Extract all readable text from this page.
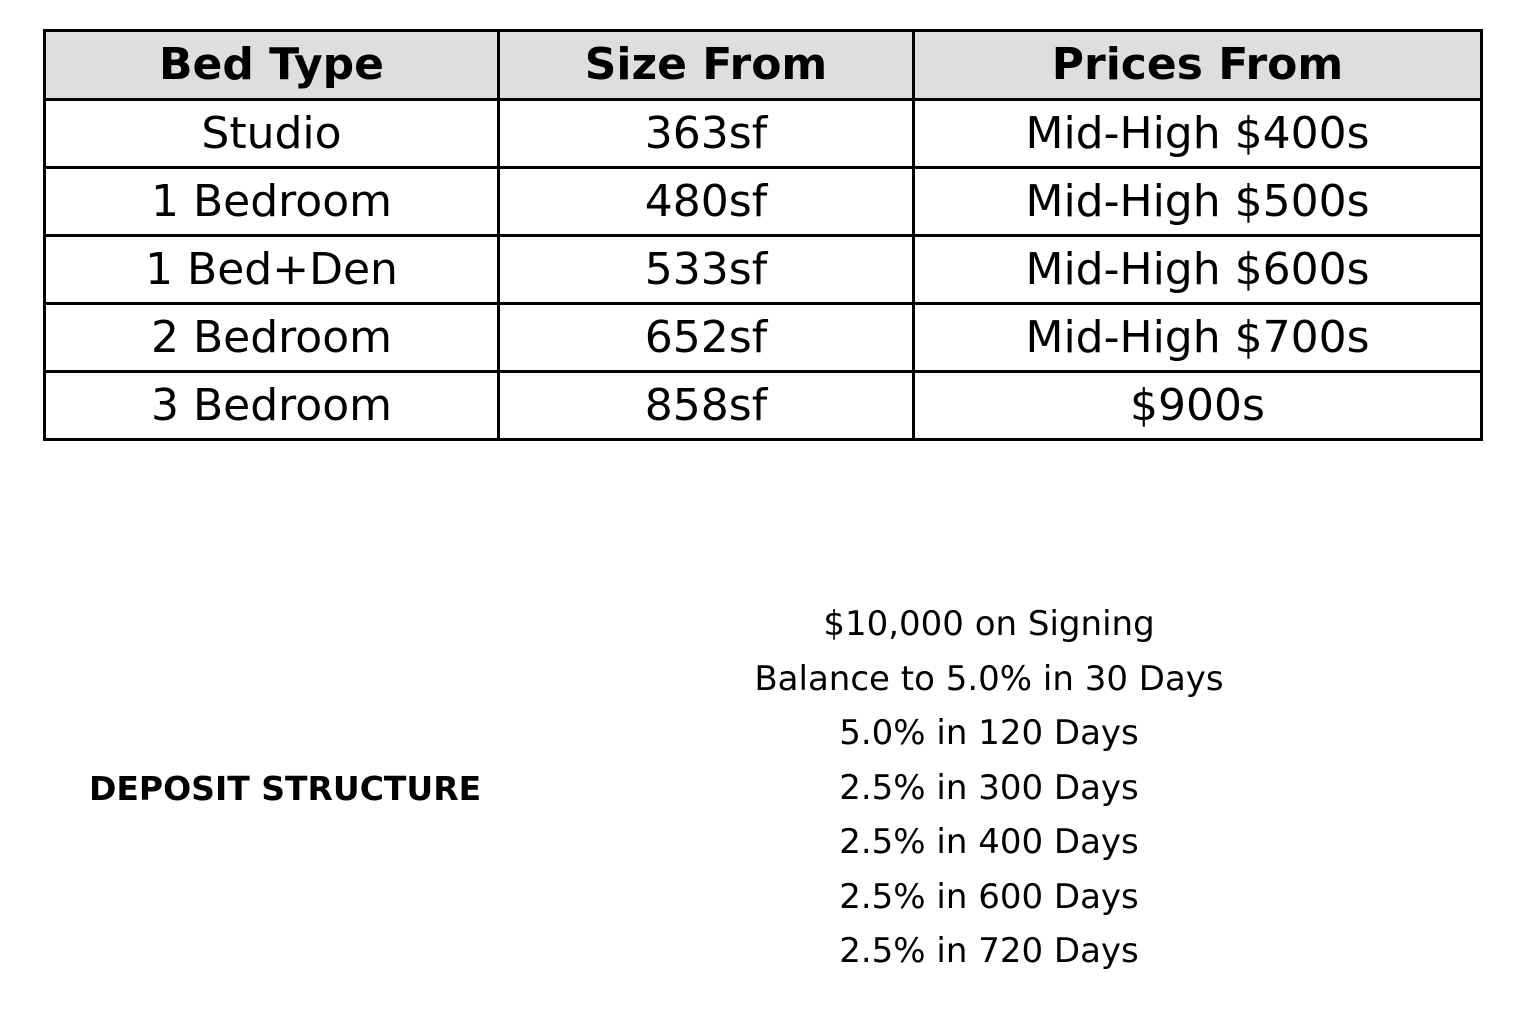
Bed Type	Size From	Prices From
Studio	363sf	Mid-High $400s
1 Bedroom	480sf	Mid-High $500s
1 Bed+Den	533sf	Mid-High $600s
2 Bedroom	652sf	Mid-High $700s
3 Bedroom	858sf	$900s

DEPOSIT STRUCTURE

$10,000 on Signing
Balance to 5.0% in 30 Days
5.0% in 120 Days
2.5% in 300 Days
2.5% in 400 Days
2.5% in 600 Days
2.5% in 720 Days
